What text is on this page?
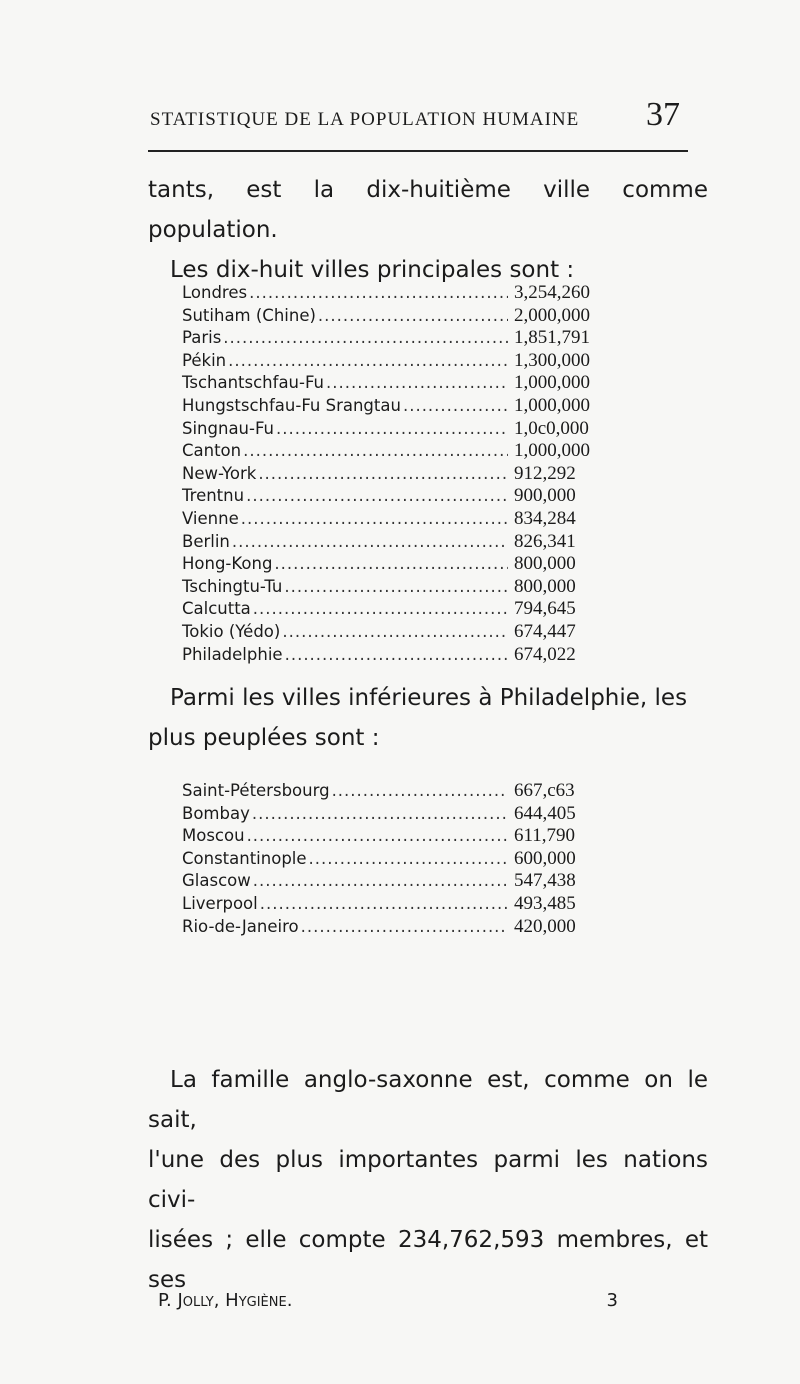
STATISTIQUE DE LA POPULATION HUMAINE 37

tants, est la dix-huitième ville comme population.

Les dix-huit villes principales sont :

Londres .....	3,254,260
Sutiham (Chine) .....	2,000,000
Paris .....	1,851,791
Pékin .....	1,300,000
Tschantschfau-Fu .....	1,000,000
Hungstschfau-Fu Srangtau .....	1,000,000
Singnau-Fu .....	1,0c0,000
Canton .....	1,000,000
New-York .....	912,292
Trentnu .....	900,000
Vienne .....	834,284
Berlin .....	826,341
Hong-Kong .....	800,000
Tschingtu-Tu .....	800,000
Calcutta .....	794,645
Tokio (Yédo) .....	674,447
Philadelphie .....	674,022

Parmi les villes inférieures à Philadelphie, les

plus peuplées sont :

Saint-Pétersbourg .....	667,c63
Bombay .....	644,405
Moscou .....	611,790
Constantinople .....	600,000
Glascow .....	547,438
Liverpool .....	493,485
Rio-de-Janeiro .....	420,000

La famille anglo-saxonne est, comme on le sait,

l'une des plus importantes parmi les nations civi-

lisées ; elle compte 234,762,593 membres, et ses

P. Jolly, Hygiène.	3
